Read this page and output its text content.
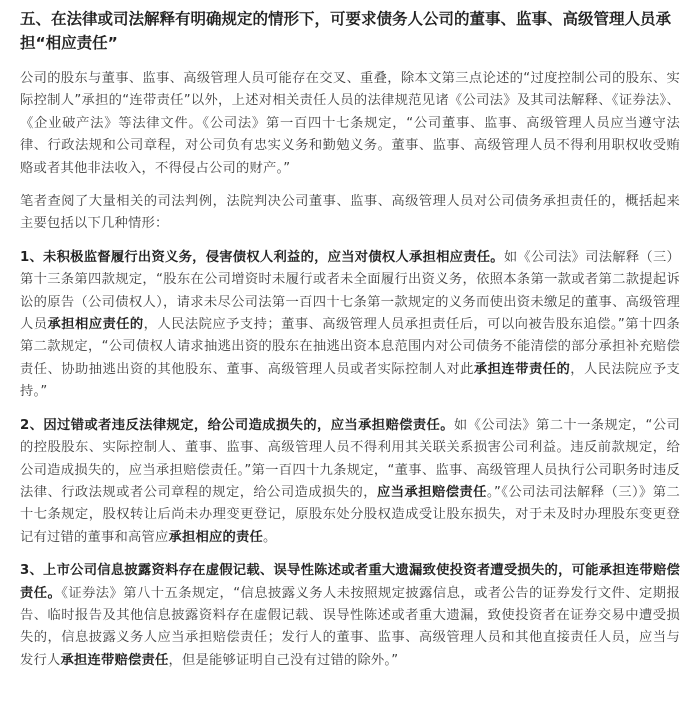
五、在法律或司法解释有明确规定的情形下，可要求债务人公司的董事、监事、高级管理人员承担“相应责任”

公司的股东与董事、监事、高级管理人员可能存在交叉、重叠，除本文第三点论述的“过度控制公司的股东、实际控制人”承担的“连带责任”以外，上述对相关责任人员的法律规范见诸《公司法》及其司法解释、《证券法》、《企业破产法》等法律文件。《公司法》第一百四十七条规定，“公司董事、监事、高级管理人员应当遵守法律、行政法规和公司章程，对公司负有忠实义务和勤勉义务。董事、监事、高级管理人员不得利用职权收受贿赂或者其他非法收入，不得侵占公司的财产。”

笔者查阅了大量相关的司法判例，法院判决公司董事、监事、高级管理人员对公司债务承担责任的，概括起来主要包括以下几种情形：

1、未积极监督履行出资义务，侵害债权人利益的，应当对债权人承担相应责任。如《公司法》司法解释（三）第十三条第四款规定，“股东在公司增资时未履行或者未全面履行出资义务，依照本条第一款或者第二款提起诉讼的原告（公司债权人），请求未尽公司法第一百四十七条第一款规定的义务而使出资未缴足的董事、高级管理人员承担相应责任的，人民法院应予支持；董事、高级管理人员承担责任后，可以向被告股东追偿。”第十四条第二款规定，“公司债权人请求抽逃出资的股东在抽逃出资本息范围内对公司债务不能清偿的部分承担补充赔偿责任、协助抽逃出资的其他股东、董事、高级管理人员或者实际控制人对此承担连带责任的，人民法院应予支持。”

2、因过错或者违反法律规定，给公司造成损失的，应当承担赔偿责任。如《公司法》第二十一条规定，“公司的控股股东、实际控制人、董事、监事、高级管理人员不得利用其关联关系损害公司利益。违反前款规定，给公司造成损失的，应当承担赔偿责任。”第一百四十九条规定，“董事、监事、高级管理人员执行公司职务时违反法律、行政法规或者公司章程的规定，给公司造成损失的，应当承担赔偿责任。”《公司法司法解释（三）》第二十七条规定，股权转让后尚未办理变更登记，原股东处分股权造成受让股东损失，对于未及时办理股东变更登记有过错的董事和高管应承担相应的责任。

3、上市公司信息披露资料存在虚假记载、误导性陈述或者重大遗漏致使投资者遭受损失的，可能承担连带赔偿责任。《证券法》第八十五条规定，“信息披露义务人未按照规定披露信息，或者公告的证券发行文件、定期报告、临时报告及其他信息披露资料存在虚假记载、误导性陈述或者重大遗漏，致使投资者在证券交易中遭受损失的，信息披露义务人应当承担赔偿责任；发行人的董事、监事、高级管理人员和其他直接责任人员，应当与发行人承担连带赔偿责任，但是能够证明自己没有过错的除外。”
